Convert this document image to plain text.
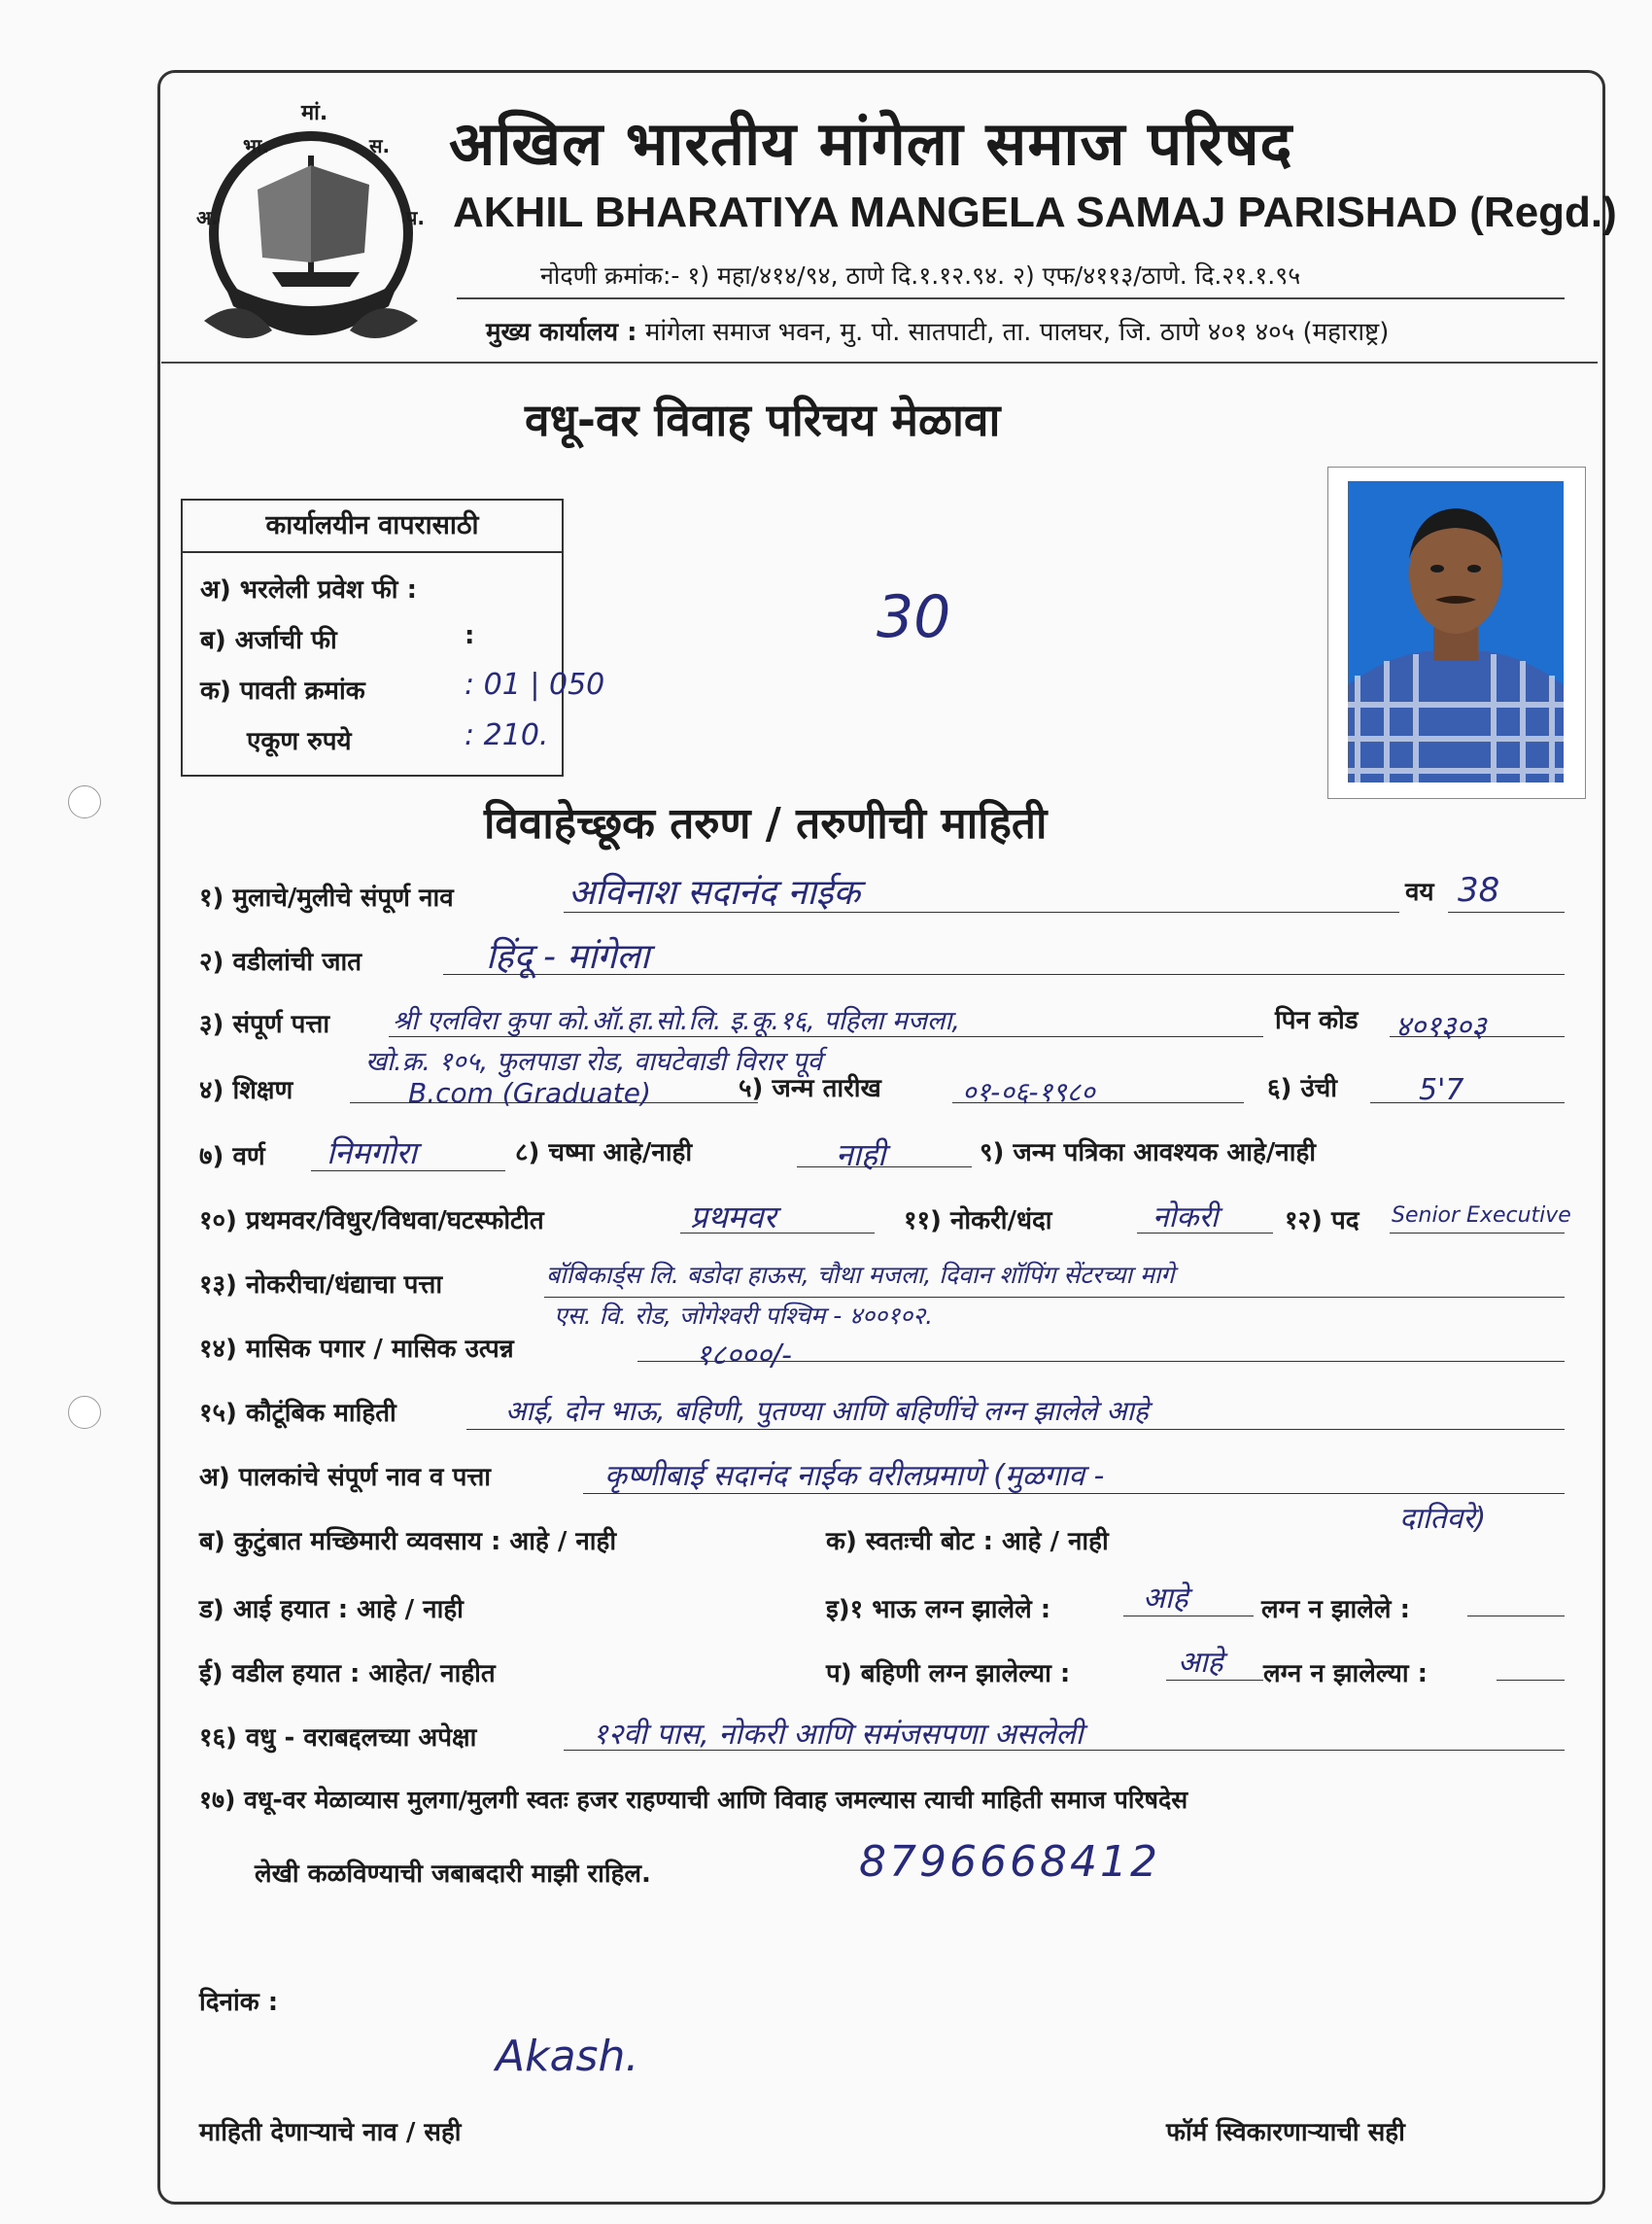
अ.
भा.
मां.
स.
प.
अखिल भारतीय मांगेला समाज परिषद
AKHIL BHARATIYA MANGELA SAMAJ PARISHAD (Regd.)
नोदणी क्रमांक:- १) महा/४१४/९४, ठाणे दि.१.१२.९४. २) एफ/४११३/ठाणे. दि.२१.१.९५
मुख्य कार्यालय : मांगेला समाज भवन, मु. पो. सातपाटी, ता. पालघर, जि. ठाणे ४०१ ४०५ (महाराष्ट्र)
वधू-वर विवाह परिचय मेळावा
कार्यालयीन वापरासाठी
अ) भरलेली प्रवेश फी :
ब) अर्जाची फी	:
क) पावती क्रमांक	: 01 | 050
एकूण रुपये	: 210.
30
विवाहेच्छूक तरुण / तरुणीची माहिती
१) मुलाचे/मुलीचे संपूर्ण नाव	अविनाश सदानंद नाईक	वय 38
२) वडीलांची जात	हिंदू - मांगेला
३) संपूर्ण पत्ता श्री एलविरा कुपा को.ऑ.हा.सो.लि. इ.कू.१६, पहिला मजला,	पिन कोड ४०१३०३
खो.क्र. १०५, फुलपाडा रोड, वाघटेवाडी विरार पूर्व
४) शिक्षण	B.com (Graduate)	५) जन्म तारीख	०१-०६-१९८०	६) उंची	5'7
७) वर्ण निमगोरा	८) चष्मा आहे/नाही	नाही	९) जन्म पत्रिका आवश्यक आहे/नाही
१०) प्रथमवर/विधुर/विधवा/घटस्फोटीत	प्रथमवर	११) नोकरी/धंदा	नोकरी	१२) पद Senior Executive
१३) नोकरीचा/धंद्याचा पत्ता	बॉबिकार्ड्स लि. बडोदा हाऊस, चौथा मजला, दिवान शॉपिंग सेंटरच्या मागे
एस. वि. रोड, जोगेश्वरी पश्चिम - ४००१०२.
१४) मासिक पगार / मासिक उत्पन्न	१८०००/-
१५) कौटूंबिक माहिती	आई, दोन भाऊ, बहिणी, पुतण्या आणि बहिणींचे लग्न झालेले आहे
अ) पालकांचे संपूर्ण नाव व पत्ता	कृष्णीबाई सदानंद नाईक वरीलप्रमाणे (मुळगाव -
दातिवरे)
ब) कुटुंबात मच्छिमारी व्यवसाय : आहे / नाही	क) स्वतःची बोट : आहे / नाही
ड) आई हयात : आहे / नाही	इ)१ भाऊ लग्न झालेले :	आहे	लग्न न झालेले :
ई) वडील हयात : आहेत/ नाहीत	प) बहिणी लग्न झालेल्या :	आहे लग्न न झालेल्या :
१६) वधु - वराबद्दलच्या अपेक्षा	१२वी पास, नोकरी आणि समंजसपणा असलेली
१७) वधू-वर मेळाव्यास मुलगा/मुलगी स्वतः हजर राहण्याची आणि विवाह जमल्यास त्याची माहिती समाज परिषदेस
लेखी कळविण्याची जबाबदारी माझी राहिल.	8796668412
दिनांक :
Akash.
माहिती देणाऱ्याचे नाव / सही	फॉर्म स्विकारणाऱ्याची सही
